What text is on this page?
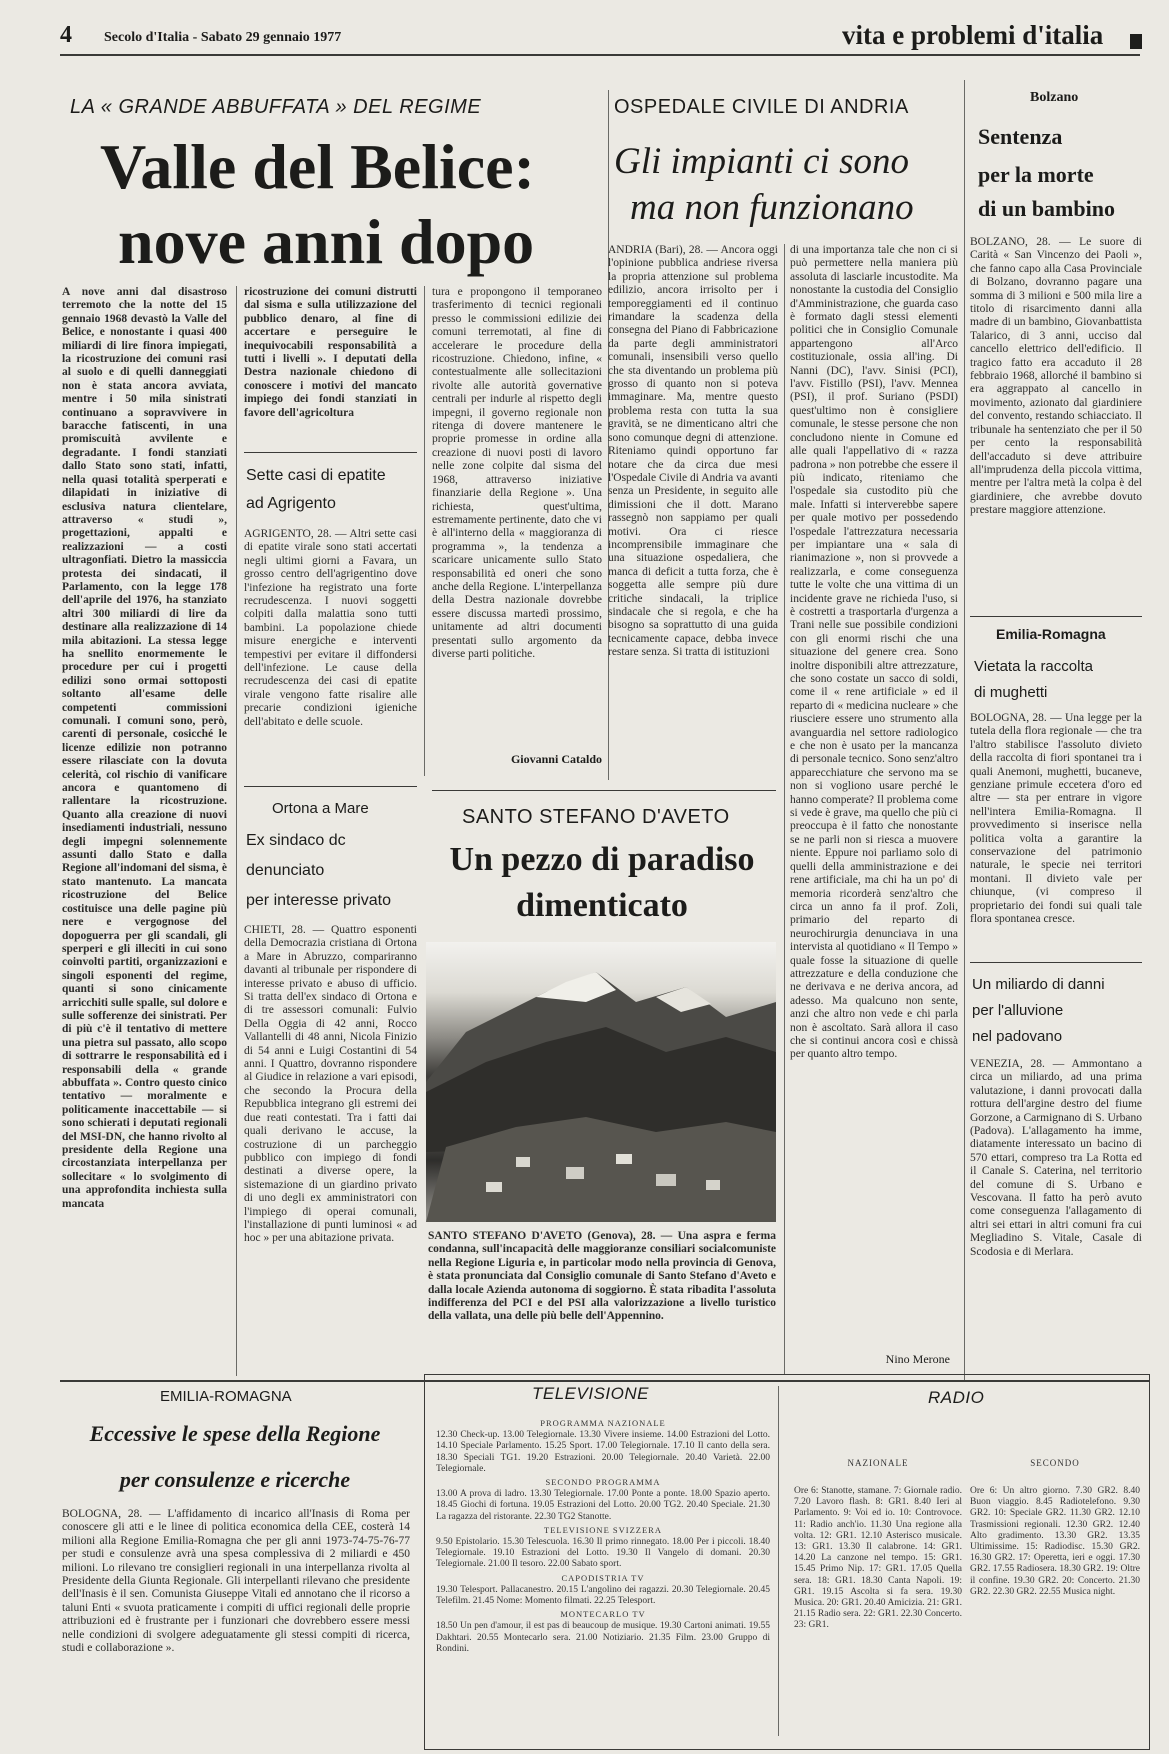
4 Secolo d'Italia - Sabato 29 gennaio 1977	vita e problemi d'italia
LA « GRANDE ABBUFFATA » DEL REGIME
Valle del Belice:
nove anni dopo
A nove anni dal disastroso terremoto che la notte del 15 gennaio 1968 devastò la Valle del Belice, e nonostante i quasi 400 miliardi di lire finora impiegati, la ricostruzione dei comuni rasi al suolo e di quelli danneggiati non è stata ancora avviata, mentre i 50 mila sinistrati continuano a sopravvivere in baracche fatiscenti, in una promiscuità avvilente e degradante. I fondi stanziati dallo Stato sono stati, infatti, nella quasi totalità sperperati e dilapidati in iniziative di esclusiva natura clientelare, attraverso « studi », progettazioni, appalti e realizzazioni — a costi ultragonfiati. Dietro la massiccia protesta dei sindacati, il Parlamento, con la legge 178 dell'aprile del 1976, ha stanziato altri 300 miliardi di lire da destinare alla realizzazione di 14 mila abitazioni. La stessa legge ha snellito enormemente le procedure per cui i progetti edilizi sono ormai sottoposti soltanto all'esame delle competenti commissioni comunali. I comuni sono, però, carenti di personale, cosicché le licenze edilizie non potranno essere rilasciate con la dovuta celerità, col rischio di vanificare ancora e quantomeno di rallentare la ricostruzione. Quanto alla creazione di nuovi insediamenti industriali, nessuno degli impegni solennemente assunti dallo Stato e dalla Regione all'indomani del sisma, è stato mantenuto. La mancata ricostruzione del Belice costituisce una delle pagine più nere e vergognose del dopoguerra per gli scandali, gli sperperi e gli illeciti in cui sono coinvolti partiti, organizzazioni e singoli esponenti del regime, quanti si sono cinicamente arricchiti sulle spalle, sul dolore e sulle sofferenze dei sinistrati. Per di più c'è il tentativo di mettere una pietra sul passato, allo scopo di sottrarre le responsabilità ed i responsabili della « grande abbuffata ». Contro questo cinico tentativo — moralmente e politicamente inaccettabile — si sono schierati i deputati regionali del MSI-DN, che hanno rivolto al presidente della Regione una circostanziata interpellanza per sollecitare « lo svolgimento di una approfondita inchiesta sulla mancata
ricostruzione dei comuni distrutti dal sisma e sulla utilizzazione del pubblico denaro, al fine di accertare e perseguire le inequivocabili responsabilità a tutti i livelli ». I deputati della Destra nazionale chiedono di conoscere i motivi del mancato impiego dei fondi stanziati in favore dell'agricoltura
tura e propongono il temporaneo trasferimento di tecnici regionali presso le commissioni edilizie dei comuni terremotati, al fine di accelerare le procedure della ricostruzione. Chiedono, infine, « contestualmente alle sollecitazioni rivolte alle autorità governative centrali per indurle al rispetto degli impegni, il governo regionale non ritenga di dovere mantenere le proprie promesse in ordine alla creazione di nuovi posti di lavoro nelle zone colpite dal sisma del 1968, attraverso iniziative finanziarie della Regione ». Una richiesta, quest'ultima, estremamente pertinente, dato che vi è all'interno della « maggioranza di programma », la tendenza a scaricare unicamente sullo Stato responsabilità ed oneri che sono anche della Regione. L'interpellanza della Destra nazionale dovrebbe essere discussa martedì prossimo, unitamente ad altri documenti presentati sullo argomento da diverse parti politiche.
Giovanni Cataldo
Sette casi di epatite
ad Agrigento
AGRIGENTO, 28. — Altri sette casi di epatite virale sono stati accertati negli ultimi giorni a Favara, un grosso centro dell'agrigentino dove l'infezione ha registrato una forte recrudescenza. I nuovi soggetti colpiti dalla malattia sono tutti bambini. La popolazione chiede misure energiche e interventi tempestivi per evitare il diffondersi dell'infezione. Le cause della recrudescenza dei casi di epatite virale vengono fatte risalire alle precarie condizioni igieniche dell'abitato e delle scuole.
Ortona a Mare
Ex sindaco dc
denunciato
per interesse privato
CHIETI, 28. — Quattro esponenti della Democrazia cristiana di Ortona a Mare in Abruzzo, compariranno davanti al tribunale per rispondere di interesse privato e abuso di ufficio. Si tratta dell'ex sindaco di Ortona e di tre assessori comunali: Fulvio Della Oggia di 42 anni, Rocco Vallantelli di 48 anni, Nicola Finizio di 54 anni e Luigi Costantini di 54 anni. I Quattro, dovranno rispondere al Giudice in relazione a vari episodi, che secondo la Procura della Repubblica integrano gli estremi dei due reati contestati. Tra i fatti dai quali derivano le accuse, la costruzione di un parcheggio pubblico con impiego di fondi destinati a diverse opere, la sistemazione di un giardino privato di uno degli ex amministratori con l'impiego di operai comunali, l'installazione di punti luminosi « ad hoc » per una abitazione privata.
OSPEDALE CIVILE DI ANDRIA
Gli impianti ci sono
ma non funzionano
ANDRIA (Bari), 28. — Ancora oggi l'opinione pubblica andriese riversa la propria attenzione sul problema edilizio, ancora irrisolto per i temporeggiamenti ed il continuo rimandare la scadenza della consegna del Piano di Fabbricazione da parte degli amministratori comunali, insensibili verso quello che sta diventando un problema più grosso di quanto non si poteva immaginare. Ma, mentre questo problema resta con tutta la sua gravità, se ne dimenticano altri che sono comunque degni di attenzione. Riteniamo quindi opportuno far notare che da circa due mesi l'Ospedale Civile di Andria va avanti senza un Presidente, in seguito alle dimissioni che il dott. Marano rassegnò non sappiamo per quali motivi. Ora ci riesce incomprensibile immaginare che una situazione ospedaliera, che manca di deficit a tutta forza, che è soggetta alle sempre più dure critiche sindacali, la triplice sindacale che si regola, e che ha bisogno sa soprattutto di una guida tecnicamente capace, debba invece restare senza. Si tratta di istituzioni
di una importanza tale che non ci si può permettere nella maniera più assoluta di lasciarle incustodite. Ma nonostante la custodia del Consiglio d'Amministrazione, che guarda caso è formato dagli stessi elementi politici che in Consiglio Comunale appartengono all'Arco costituzionale, ossia all'ing. Di Nanni (DC), l'avv. Sinisi (PCI), l'avv. Fistillo (PSI), l'avv. Mennea (PSI), il prof. Suriano (PSDI) quest'ultimo non è consigliere comunale, le stesse persone che non concludono niente in Comune ed alle quali l'appellativo di « razza padrona » non potrebbe che essere il più indicato, riteniamo che l'ospedale sia custodito più che male. Infatti si interverebbe sapere per quale motivo per possedendo l'ospedale l'attrezzatura necessaria per impiantare una « sala di rianimazione », non si provvede a realizzarla, e come conseguenza tutte le volte che una vittima di un incidente grave ne richieda l'uso, si è costretti a trasportarla d'urgenza a Trani nelle sue possibile condizioni con gli enormi rischi che una situazione del genere crea. Sono inoltre disponibili altre attrezzature, che sono costate un sacco di soldi, come il « rene artificiale » ed il reparto di « medicina nucleare » che riusciere essere uno strumento alla avanguardia nel settore radiologico e che non è usato per la mancanza di personale tecnico. Sono senz'altro apparecchiature che servono ma se non si vogliono usare perché le hanno comperate? Il problema come si vede è grave, ma quello che più ci preoccupa è il fatto che nonostante se ne parli non si riesca a muovere niente. Eppure noi parliamo solo di quelli della amministrazione e dei rene artificiale, ma chi ha un po' di memoria ricorderà senz'altro che circa un anno fa il prof. Zoli, primario del reparto di neurochirurgia denunciava in una intervista al quotidiano « Il Tempo » quale fosse la situazione di quelle attrezzature e della conduzione che ne derivava e ne deriva ancora, ad adesso. Ma qualcuno non sente, anzi che altro non vede e chi parla non è ascoltato. Sarà allora il caso che si continui ancora così e chissà per quanto altro tempo.
Nino Merone
SANTO STEFANO D'AVETO
Un pezzo di paradiso
dimenticato
SANTO STEFANO D'AVETO (Genova), 28. — Una aspra e ferma condanna, sull'incapacità delle maggioranze consiliari socialcomuniste nella Regione Liguria e, in particolar modo nella provincia di Genova, è stata pronunciata dal Consiglio comunale di Santo Stefano d'Aveto e dalla locale Azienda autonoma di soggiorno. È stata ribadita l'assoluta indifferenza del PCI e del PSI alla valorizzazione a livello turistico della vallata, una delle più belle dell'Appennino.
Bolzano
Sentenza
per la morte
di un bambino
BOLZANO, 28. — Le suore di Carità « San Vincenzo dei Paoli », che fanno capo alla Casa Provinciale di Bolzano, dovranno pagare una somma di 3 milioni e 500 mila lire a titolo di risarcimento danni alla madre di un bambino, Giovanbattista Talarico, di 3 anni, ucciso dal cancello elettrico dell'edificio. Il tragico fatto era accaduto il 28 febbraio 1968, allorché il bambino si era aggrappato al cancello in movimento, azionato dal giardiniere del convento, restando schiacciato. Il tribunale ha sentenziato che per il 50 per cento la responsabilità dell'accaduto si deve attribuire all'imprudenza della piccola vittima, mentre per l'altra metà la colpa è del giardiniere, che avrebbe dovuto prestare maggiore attenzione.
Emilia-Romagna
Vietata la raccolta
di mughetti
BOLOGNA, 28. — Una legge per la tutela della flora regionale — che tra l'altro stabilisce l'assoluto divieto della raccolta di fiori spontanei tra i quali Anemoni, mughetti, bucaneve, genziane primule eccetera d'oro ed altre — sta per entrare in vigore nell'intera Emilia-Romagna. Il provvedimento si inserisce nella politica volta a garantire la conservazione del patrimonio naturale, le specie nei territori montani. Il divieto vale per chiunque, (vi compreso il proprietario dei fondi sui quali tale flora spontanea cresce.
Un miliardo di danni
per l'alluvione
nel padovano
VENEZIA, 28. — Ammontano a circa un miliardo, ad una prima valutazione, i danni provocati dalla rottura dell'argine destro del fiume Gorzone, a Carmignano di S. Urbano (Padova). L'allagamento ha imme, diatamente interessato un bacino di 570 ettari, compreso tra La Rotta ed il Canale S. Caterina, nel territorio del comune di S. Urbano e Vescovana. Il fatto ha però avuto come conseguenza l'allagamento di altri sei ettari in altri comuni fra cui Megliadino S. Vitale, Casale di Scodosia e di Merlara.
EMILIA-ROMAGNA
Eccessive le spese della Regione
per consulenze e ricerche
BOLOGNA, 28. — L'affidamento di incarico all'Inasis di Roma per conoscere gli atti e le linee di politica economica della CEE, costerà 14 milioni alla Regione Emilia-Romagna che per gli anni 1973-74-75-76-77 per studi e consulenze avrà una spesa complessiva di 2 miliardi e 450 milioni. Lo rilevano tre consiglieri regionali in una interpellanza rivolta al Presidente della Giunta Regionale. Gli interpellanti rilevano che presidente dell'Inasis è il sen. Comunista Giuseppe Vitali ed annotano che il ricorso a taluni Enti « svuota praticamente i compiti di uffici regionali delle proprie attribuzioni ed è frustrante per i funzionari che dovrebbero essere messi nelle condizioni di svolgere adeguatamente gli stessi compiti di ricerca, studi e collaborazione ».
TELEVISIONE
PROGRAMMA NAZIONALE
12.30 Check-up. 13.00 Telegiornale. 13.30 Vivere insieme. 14.00 Estrazioni del Lotto. 14.10 Speciale Parlamento. 15.25 Sport. 17.00 Telegiornale. 17.10 Il canto della sera. 18.30 Speciali TG1. 19.20 Estrazioni. 20.00 Telegiornale. 20.40 Varietà. 22.00 Telegiornale.
SECONDO PROGRAMMA
13.00 A prova di ladro. 13.30 Telegiornale. 17.00 Ponte a ponte. 18.00 Spazio aperto. 18.45 Giochi di fortuna. 19.05 Estrazioni del Lotto. 20.00 TG2. 20.40 Speciale. 21.30 La ragazza del ristorante. 22.30 TG2 Stanotte.
TELEVISIONE SVIZZERA
9.50 Epistolario. 15.30 Telescuola. 16.30 Il primo rinnegato. 18.00 Per i piccoli. 18.40 Telegiornale. 19.10 Estrazioni del Lotto. 19.30 Il Vangelo di domani. 20.30 Telegiornale. 21.00 Il tesoro. 22.00 Sabato sport.
CAPODISTRIA TV
19.30 Telesport. Pallacanestro. 20.15 L'angolino dei ragazzi. 20.30 Telegiornale. 20.45 Telefilm. 21.45 Nome: Momento filmati. 22.25 Telesport.
MONTECARLO TV
18.50 Un pen d'amour, il est pas di beaucoup de musique. 19.30 Cartoni animati. 19.55 Dakhtari. 20.55 Montecarlo sera. 21.00 Notiziario. 21.35 Film. 23.00 Gruppo di Rondini.
RADIO
NAZIONALE
Ore 6: Stanotte, stamane. 7: Giornale radio. 7.20 Lavoro flash. 8: GR1. 8.40 Ieri al Parlamento. 9: Voi ed io. 10: Controvoce. 11: Radio anch'io. 11.30 Una regione alla volta. 12: GR1. 12.10 Asterisco musicale. 13: GR1. 13.30 Il calabrone. 14: GR1. 14.20 La canzone nel tempo. 15: GR1. 15.45 Primo Nip. 17: GR1. 17.05 Quella sera. 18: GR1. 18.30 Canta Napoli. 19: GR1. 19.15 Ascolta si fa sera. 19.30 Musica. 20: GR1. 20.40 Amicizia. 21: GR1. 21.15 Radio sera. 22: GR1. 22.30 Concerto. 23: GR1.
SECONDO
Ore 6: Un altro giorno. 7.30 GR2. 8.40 Buon viaggio. 8.45 Radiotelefono. 9.30 GR2. 10: Speciale GR2. 11.30 GR2. 12.10 Trasmissioni regionali. 12.30 GR2. 12.40 Alto gradimento. 13.30 GR2. 13.35 Ultimissime. 15: Radiodisc. 15.30 GR2. 16.30 GR2. 17: Operetta, ieri e oggi. 17.30 GR2. 17.55 Radiosera. 18.30 GR2. 19: Oltre il confine. 19.30 GR2. 20: Concerto. 21.30 GR2. 22.30 GR2. 22.55 Musica night.
